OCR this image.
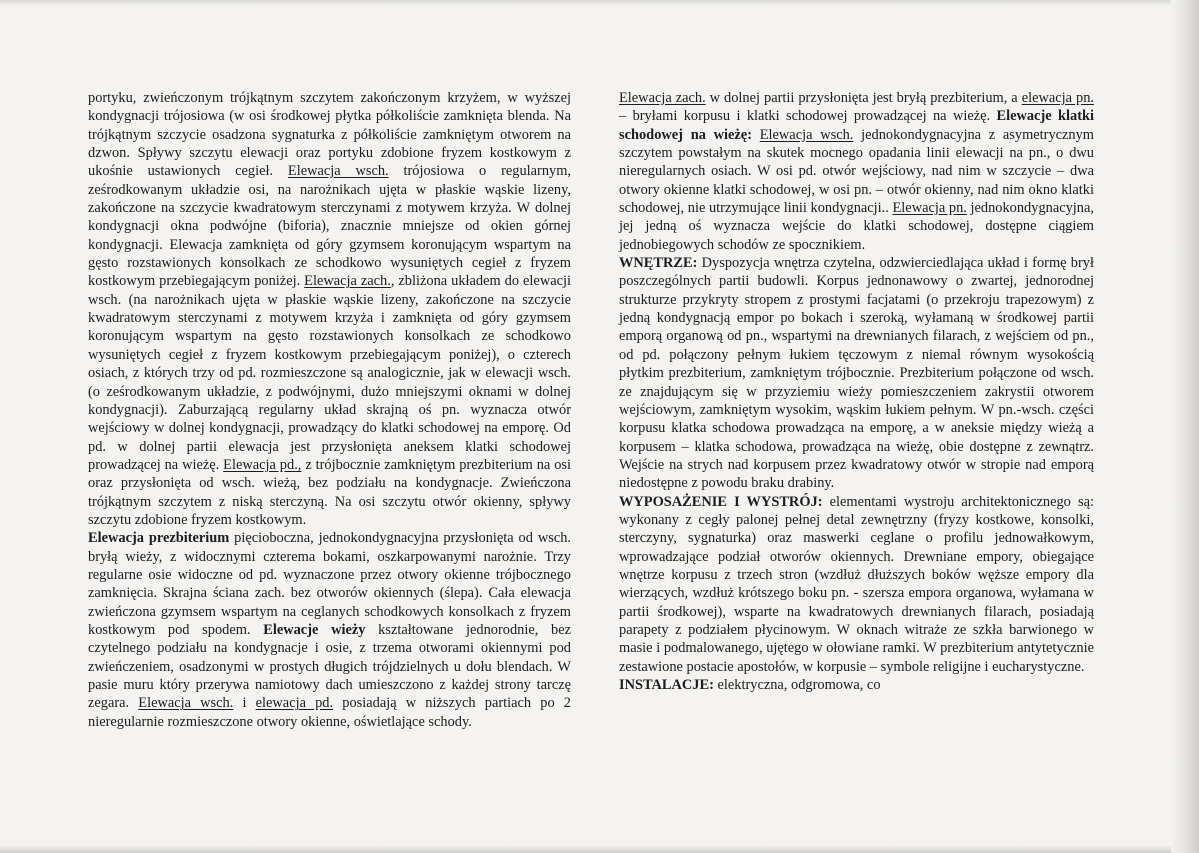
portyku, zwieńczonym trójkątnym szczytem zakończonym krzyżem, w wyższej kondygnacji trójosiowa (w osi środkowej płytka półkoliście zamknięta blenda. Na trójkątnym szczycie osadzona sygnaturka z półkoliście zamkniętym otworem na dzwon. Spływy szczytu elewacji oraz portyku zdobione fryzem kostkowym z ukośnie ustawionych cegieł. Elewacja wsch. trójosiowa o regularnym, ześrodkowanym układzie osi, na narożnikach ujęta w płaskie wąskie lizeny, zakończone na szczycie kwadratowym sterczynami z motywem krzyża. W dolnej kondygnacji okna podwójne (biforia), znacznie mniejsze od okien górnej kondygnacji. Elewacja zamknięta od góry gzymsem koronującym wspartym na gęsto rozstawionych konsolkach ze schodkowo wysuniętych cegieł z fryzem kostkowym przebiegającym poniżej. Elewacja zach., zbliżona układem do elewacji wsch. (na narożnikach ujęta w płaskie wąskie lizeny, zakończone na szczycie kwadratowym sterczynami z motywem krzyża i zamknięta od góry gzymsem koronującym wspartym na gęsto rozstawionych konsolkach ze schodkowo wysuniętych cegieł z fryzem kostkowym przebiegającym poniżej), o czterech osiach, z których trzy od pd. rozmieszczone są analogicznie, jak w elewacji wsch. (o ześrodkowanym układzie, z podwójnymi, dużo mniejszymi oknami w dolnej kondygnacji). Zaburzającą regularny układ skrajną oś pn. wyznacza otwór wejściowy w dolnej kondygnacji, prowadzący do klatki schodowej na emporę. Od pd. w dolnej partii elewacja jest przysłonięta aneksem klatki schodowej prowadzącej na wieżę. Elewacja pd., z trójbocznie zamkniętym prezbiterium na osi oraz przysłonięta od wsch. wieżą, bez podziału na kondygnacje. Zwieńczona trójkątnym szczytem z niską sterczyną. Na osi szczytu otwór okienny, spływy szczytu zdobione fryzem kostkowym.

Elewacja prezbiterium pięcioboczna, jednokondygnacyjna przysłonięta od wsch. bryłą wieży, z widocznymi czterema bokami, oszkarpowanymi narożnie. Trzy regularne osie widoczne od pd. wyznaczone przez otwory okienne trójbocznego zamknięcia. Skrajna ściana zach. bez otworów okiennych (ślepa). Cała elewacja zwieńczona gzymsem wspartym na ceglanych schodkowych konsolkach z fryzem kostkowym pod spodem. Elewacje wieży kształtowane jednorodnie, bez czytelnego podziału na kondygnacje i osie, z trzema otworami okiennymi pod zwieńczeniem, osadzonymi w prostych długich trójdzielnych u dołu blendach. W pasie muru który przerywa namiotowy dach umieszczono z każdej strony tarczę zegara. Elewacja wsch. i elewacja pd. posiadają w niższych partiach po 2 nieregularnie rozmieszczone otwory okienne, oświetlające schody.

Elewacja zach. w dolnej partii przysłonięta jest bryłą prezbiterium, a elewacja pn. – bryłami korpusu i klatki schodowej prowadzącej na wieżę. Elewacje klatki schodowej na wieżę: Elewacja wsch. jednokondygnacyjna z asymetrycznym szczytem powstałym na skutek mocnego opadania linii elewacji na pn., o dwu nieregularnych osiach. W osi pd. otwór wejściowy, nad nim w szczycie – dwa otwory okienne klatki schodowej, w osi pn. – otwór okienny, nad nim okno klatki schodowej, nie utrzymujące linii kondygnacji.. Elewacja pn. jednokondygnacyjna, jej jedną oś wyznacza wejście do klatki schodowej, dostępne ciągiem jednobiegowych schodów ze spocznikiem.

WNĘTRZE: Dyspozycja wnętrza czytelna, odzwierciedlająca układ i formę brył poszczególnych partii budowli. Korpus jednonawowy o zwartej, jednorodnej strukturze przykryty stropem z prostymi facjatami (o przekroju trapezowym) z jedną kondygnacją empor po bokach i szeroką, wyłamaną w środkowej partii emporą organową od pn., wspartymi na drewnianych filarach, z wejściem od pn., od pd. połączony pełnym łukiem tęczowym z niemal równym wysokością płytkim prezbiterium, zamkniętym trójbocznie. Prezbiterium połączone od wsch. ze znajdującym się w przyziemiu wieży pomieszczeniem zakrystii otworem wejściowym, zamkniętym wysokim, wąskim łukiem pełnym. W pn.-wsch. części korpusu klatka schodowa prowadząca na emporę, a w aneksie między wieżą a korpusem – klatka schodowa, prowadząca na wieżę, obie dostępne z zewnątrz. Wejście na strych nad korpusem przez kwadratowy otwór w stropie nad emporą niedostępne z powodu braku drabiny.

WYPOSAŻENIE I WYSTRÓJ: elementami wystroju architektonicznego są: wykonany z cegły palonej pełnej detal zewnętrzny (fryzy kostkowe, konsolki, sterczyny, sygnaturka) oraz maswerki ceglane o profilu jednowałkowym, wprowadzające podział otworów okiennych. Drewniane empory, obiegające wnętrze korpusu z trzech stron (wzdłuż dłuższych boków węższe empory dla wierzących, wzdłuż krótszego boku pn. - szersza empora organowa, wyłamana w partii środkowej), wsparte na kwadratowych drewnianych filarach, posiadają parapety z podziałem płycinowym. W oknach witraże ze szkła barwionego w masie i podmalowanego, ujętego w ołowiane ramki. W prezbiterium antytetycznie zestawione postacie apostołów, w korpusie – symbole religijne i eucharystyczne.

INSTALACJE: elektryczna, odgromowa, co
